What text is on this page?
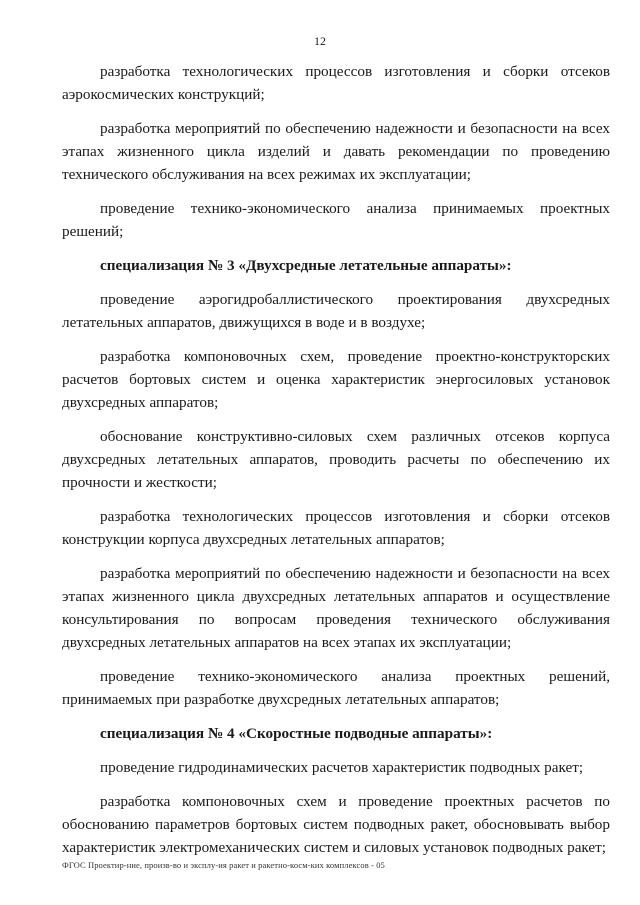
12

разработка технологических процессов изготовления и сборки отсеков аэрокосмических конструкций;

разработка мероприятий по обеспечению надежности и безопасности на всех этапах жизненного цикла изделий и давать рекомендации по проведению технического обслуживания на всех режимах их эксплуатации;

проведение технико-экономического анализа принимаемых проектных решений;

специализация № 3 «Двухсредные летательные аппараты»:

проведение аэрогидробаллистического проектирования двухсредных летательных аппаратов, движущихся в воде и в воздухе;

разработка компоновочных схем, проведение проектно-конструкторских расчетов бортовых систем и оценка характеристик энергосиловых установок двухсредных аппаратов;

обоснование конструктивно-силовых схем различных отсеков корпуса двухсредных летательных аппаратов, проводить расчеты по обеспечению их прочности и жесткости;

разработка технологических процессов изготовления и сборки отсеков конструкции корпуса двухсредных летательных аппаратов;

разработка мероприятий по обеспечению надежности и безопасности на всех этапах жизненного цикла двухсредных летательных аппаратов и осуществление консультирования по вопросам проведения технического обслуживания двухсредных летательных аппаратов на всех этапах их эксплуатации;

проведение технико-экономического анализа проектных решений, принимаемых при разработке двухсредных летательных аппаратов;

специализация № 4 «Скоростные подводные аппараты»:

проведение гидродинамических расчетов характеристик подводных ракет;

разработка компоновочных схем и проведение проектных расчетов по обоснованию параметров бортовых систем подводных ракет, обосновывать выбор характеристик электромеханических систем и силовых установок подводных ракет;

ФГОС Проектир-ние, произв-во и эксплу-ия ракет и ракетно-косм-ких комплексов - 05
